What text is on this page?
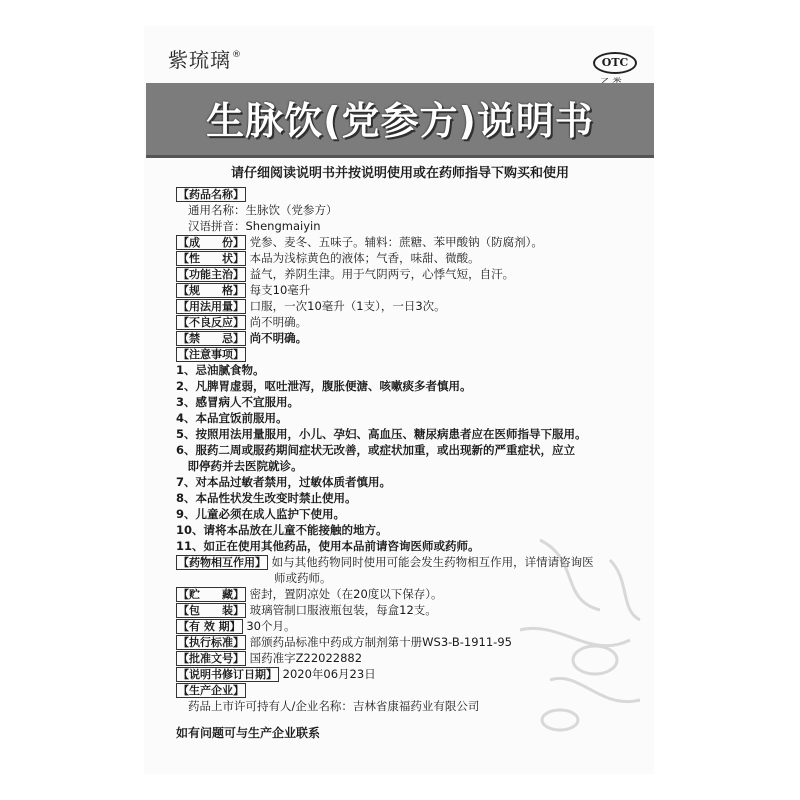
紫琉璃®
OTC
生脉饮(党参方)说明书
请仔细阅读说明书并按说明使用或在药师指导下购买和使用
【药品名称】
通用名称：生脉饮（党参方）
汉语拼音：Shengmaiyin
【成　　份】 党参、麦冬、五味子。辅料：蔗糖、苯甲酸钠（防腐剂）。
【性　　状】 本品为浅棕黄色的液体；气香，味甜、微酸。
【功能主治】 益气，养阴生津。用于气阴两亏，心悸气短，自汗。
【规　　格】 每支10毫升
【用法用量】 口服，一次10毫升（1支），一日3次。
【不良反应】 尚不明确。
【禁　　忌】 尚不明确。
【注意事项】
1、忌油腻食物。
2、凡脾胃虚弱，呕吐泄泻，腹胀便溏、咳嗽痰多者慎用。
3、感冒病人不宜服用。
4、本品宜饭前服用。
5、按照用法用量服用，小儿、孕妇、高血压、糖尿病患者应在医师指导下服用。
6、服药二周或服药期间症状无改善，或症状加重，或出现新的严重症状，应立
　即停药并去医院就诊。
7、对本品过敏者禁用，过敏体质者慎用。
8、本品性状发生改变时禁止使用。
9、儿童必须在成人监护下使用。
10、请将本品放在儿童不能接触的地方。
11、如正在使用其他药品，使用本品前请咨询医师或药师。
【药物相互作用】 如与其他药物同时使用可能会发生药物相互作用，详情请咨询医
师或药师。
【贮　　藏】 密封，置阴凉处（在20度以下保存）。
【包　　装】 玻璃管制口服液瓶包装，每盒12支。
【有 效 期】 30个月。
【执行标准】 部颁药品标准中药成方制剂第十册WS3-B-1911-95
【批准文号】 国药准字Z22022882
【说明书修订日期】 2020年06月23日
【生产企业】
药品上市许可持有人/企业名称：吉林省康福药业有限公司
如有问题可与生产企业联系
